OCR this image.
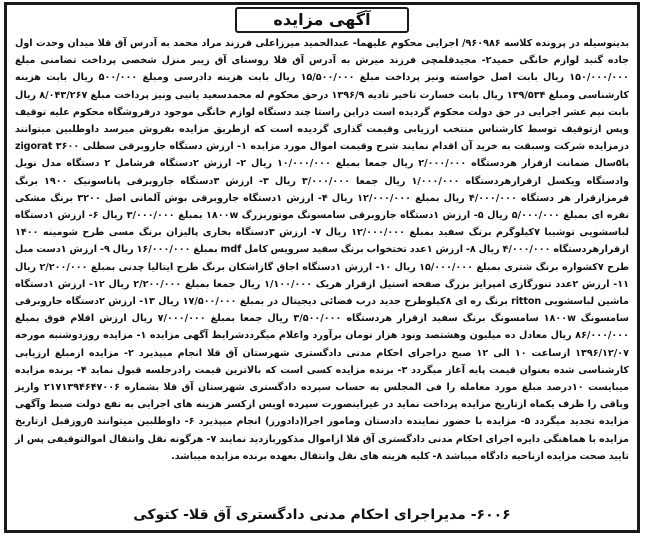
آگهی مزایده
بدینوسیله در پرونده کلاسه ۹۶۰۹۸۶/ اجرایی محکوم علیهما- عبدالحمید میرزاعلی فرزند مراد محمد به آدرس آق قلا میدان وحدت اول جاده گنبد لوازم خانگی حمید۲- مجیدقلمچی فرزند میرش به آدرس آق قلا روستای آق زیبر منزل شخصی پرداخت تضامنی مبلغ ۱۵۰/۰۰۰/۰۰۰ ریال بابت اصل خواسته ونیز پرداخت مبلغ ۱۵/۵۰۰/۰۰۰ ریال بابت هزینه دادرسی ومبلغ ۵۰۰/۰۰۰ ریال بابت هزینه کارشناسی ومبلغ ۱۳۹/۵۳۴ ریال بابت خسارت تاخیر تادیه ۱۳۹۶/۹ درحق محکوم له محمدسعید یانیی ونیز پرداخت مبلغ ۸/۰۴۳/۲۶۷ ریال بابت نیم عشر اجرایی در حق دولت محکوم گردیده است دراین راستا چند دستگاه لوازم خانگی موجود درفروشگاه محکوم علیه توقیف وپس ازتوقیف توسط کارشناس منتخب ارزیابی وقیمت گذاری گردیده است که ازطریق مزایده بفروش میرسد داوطلبین میتوانند درمزایده شرکت وسبقت به خرید آن اقدام نمایند شرح وقیمت اموال مورد مزایده ۱- ارزش دستگاه جاروبرقی سطلی zigorat ۳۶۰۰ با۵سال ضمانت ازقرار هردستگاه ۲/۰۰۰/۰۰۰ ریال جمعا بمبلغ ۱۰/۰۰۰/۰۰۰ ریال ۲- ارزش ۲دستگاه فرشامل ۲ دستگاه مدل نویل وادستگاه ویکسل ازقرارهردستگاه ۱/۰۰۰/۰۰۰ ریال جمعا ۳/۰۰۰/۰۰۰ ریال ۳- ارزش ۳دستگاه جاروبرقی پاناسونیک ۱۹۰۰ برنگ قرمزازقرار هر دستگاه ۴/۰۰۰/۰۰۰ ریال بمبلغ ۱۲/۰۰۰/۰۰۰ ریال ۴- ارزش ۱دستگاه جاروبرقی بوش آلمانی اصل ۳۲۰۰ برنگ مشکی نقره ای بمبلغ ۵/۰۰۰/۰۰۰ ریال ۵- ارزش ۱دستگاه جاروبرقی سامسونگ موتوربزرگ ۱۸۰۰w بمبلغ ۳/۰۰۰/۰۰۰ ریال ۶- ارزش ۱دستگاه لباسشویی توشیبا ۷کیلوگرم برنگ سفید بمبلغ ۱۲/۰۰۰/۰۰۰ ریال ۷- ارزش ۳دستگاه بخاری پالیزان برنگ مسی طرح شومینه ۱۴۰۰ ازقرارهردستگاه ۴/۰۰۰/۰۰۰ ریال ۸- ارزش ۱عدد تختخواب برنگ سفید سرویس کامل mdf بمبلغ ۱۶/۰۰۰/۰۰۰ ریال ۹- ارزش ۱دست مبل طرح ۷کشواره برنگ شتری بمبلغ ۱۵/۰۰۰/۰۰۰ ریال ۱۰- ارزش ۱دستگاه اجاق گازاشکان برنگ طرح ایتالیا چدنی بمبلغ ۲/۲۰۰/۰۰۰ ریال ۱۱- ارزش ۲عدد تنورگازی امپرایز بزرگ صفحه استیل ازقرار هریک ۱/۱۰۰/۰۰۰ ریال جمعا بمبلغ ۲/۲۰۰/۰۰۰ ریال ۱۲- ارزش ۱دستگاه ماشین لباسشویی ritton برنگ ره ای ۸کیلوطرح جدید درب فضائی دیجیتال در بمبلغ ۱۷/۵۰۰/۰۰۰ ریال ۱۳- ارزش ۲دستگاه جاروبرقی سامسونگ ۱۸۰۰w سامسونگ برنگ سفید ازقرار هردستگاه ۳/۵۰۰/۰۰۰ ریال جمعا بمبلغ ۷/۰۰۰/۰۰۰ ریال ارزش اقلام فوق بمبلغ ۸۶/۰۰۰/۰۰۰ ریال معادل ده میلیون وهشتصد ونود هزار تومان برآورد واعلام میگرددشرایط آگهی مزایده ۱- مزایده روزدوشنبه مورخه ۱۳۹۶/۱۲/۰۷ ازساعت ۱۰ الی ۱۲ صبح دراجرای احکام مدنی دادگستری شهرستان آق قلا انجام میپذیرد ۲- مزایده ازمبلغ ارزیابی کارشناسی شده بعنوان قیمت پایه آغاز میگردد ۳- برنده مزایده کسی است که بالاترین قیمت رادرجلسه قبول نماید ۴- برنده مزایده میبایست ۱۰درصد مبلغ مورد معامله را فی المجلس به حساب سپرده دادگستری شهرستان آق قلا بشماره ۲۱۷۱۳۹۴۶۴۷۰۰۶ واریز وباقی را ظرف یکماه ازتاریخ مزایده پرداخت نماید در غیراینصورت سپرده اویس ازکسر هزینه های اجرایی به نفع دولت ضبط وآگهی مزایده تجدید میگردد ۵- مزایده با حضور نماینده دادستان ومامور اجرا(دادورز) انجام میپذیرد ۶- داوطلبین میتوانند ۵روزقبل ازتاریخ مزایده با هماهنگی دایره اجرای احکام مدنی دادگستری آق قلا ازاموال مذکوربازدید نمایند ۷- هرگونه نقل وانتقال اموالتوقیفی پس از تایید صحت مزایده ازناحیه دادگاه میباشد ۸- کلیه هزینه های نقل وانتقال بعهده برنده مزایده میباشد.
۶۰۰۶- مدیراجرای احکام مدنی دادگستری آق قلا- کتوکی
